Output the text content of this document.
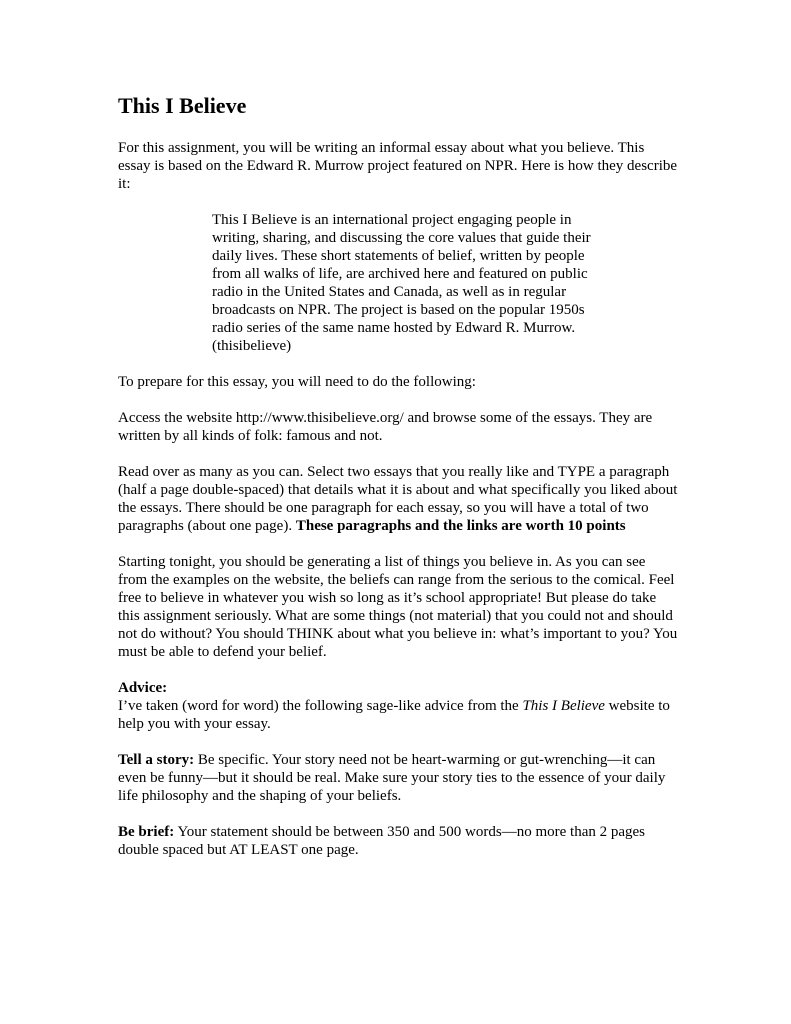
This I Believe

For this assignment, you will be writing an informal essay about what you believe. This essay is based on the Edward R. Murrow project featured on NPR. Here is how they describe it:

This I Believe is an international project engaging people in writing, sharing, and discussing the core values that guide their daily lives. These short statements of belief, written by people from all walks of life, are archived here and featured on public radio in the United States and Canada, as well as in regular broadcasts on NPR. The project is based on the popular 1950s radio series of the same name hosted by Edward R. Murrow. (thisibelieve)

To prepare for this essay, you will need to do the following:

Access the website http://www.thisibelieve.org/ and browse some of the essays. They are written by all kinds of folk: famous and not.

Read over as many as you can. Select two essays that you really like and TYPE a paragraph (half a page double-spaced) that details what it is about and what specifically you liked about the essays. There should be one paragraph for each essay, so you will have a total of two paragraphs (about one page). These paragraphs and the links are worth 10 points

Starting tonight, you should be generating a list of things you believe in. As you can see from the examples on the website, the beliefs can range from the serious to the comical. Feel free to believe in whatever you wish so long as it’s school appropriate! But please do take this assignment seriously. What are some things (not material) that you could not and should not do without? You should THINK about what you believe in: what’s important to you? You must be able to defend your belief.

Advice:
I’ve taken (word for word) the following sage-like advice from the This I Believe website to help you with your essay.

Tell a story: Be specific. Your story need not be heart-warming or gut-wrenching—it can even be funny—but it should be real. Make sure your story ties to the essence of your daily life philosophy and the shaping of your beliefs.

Be brief: Your statement should be between 350 and 500 words—no more than 2 pages double spaced but AT LEAST one page.
